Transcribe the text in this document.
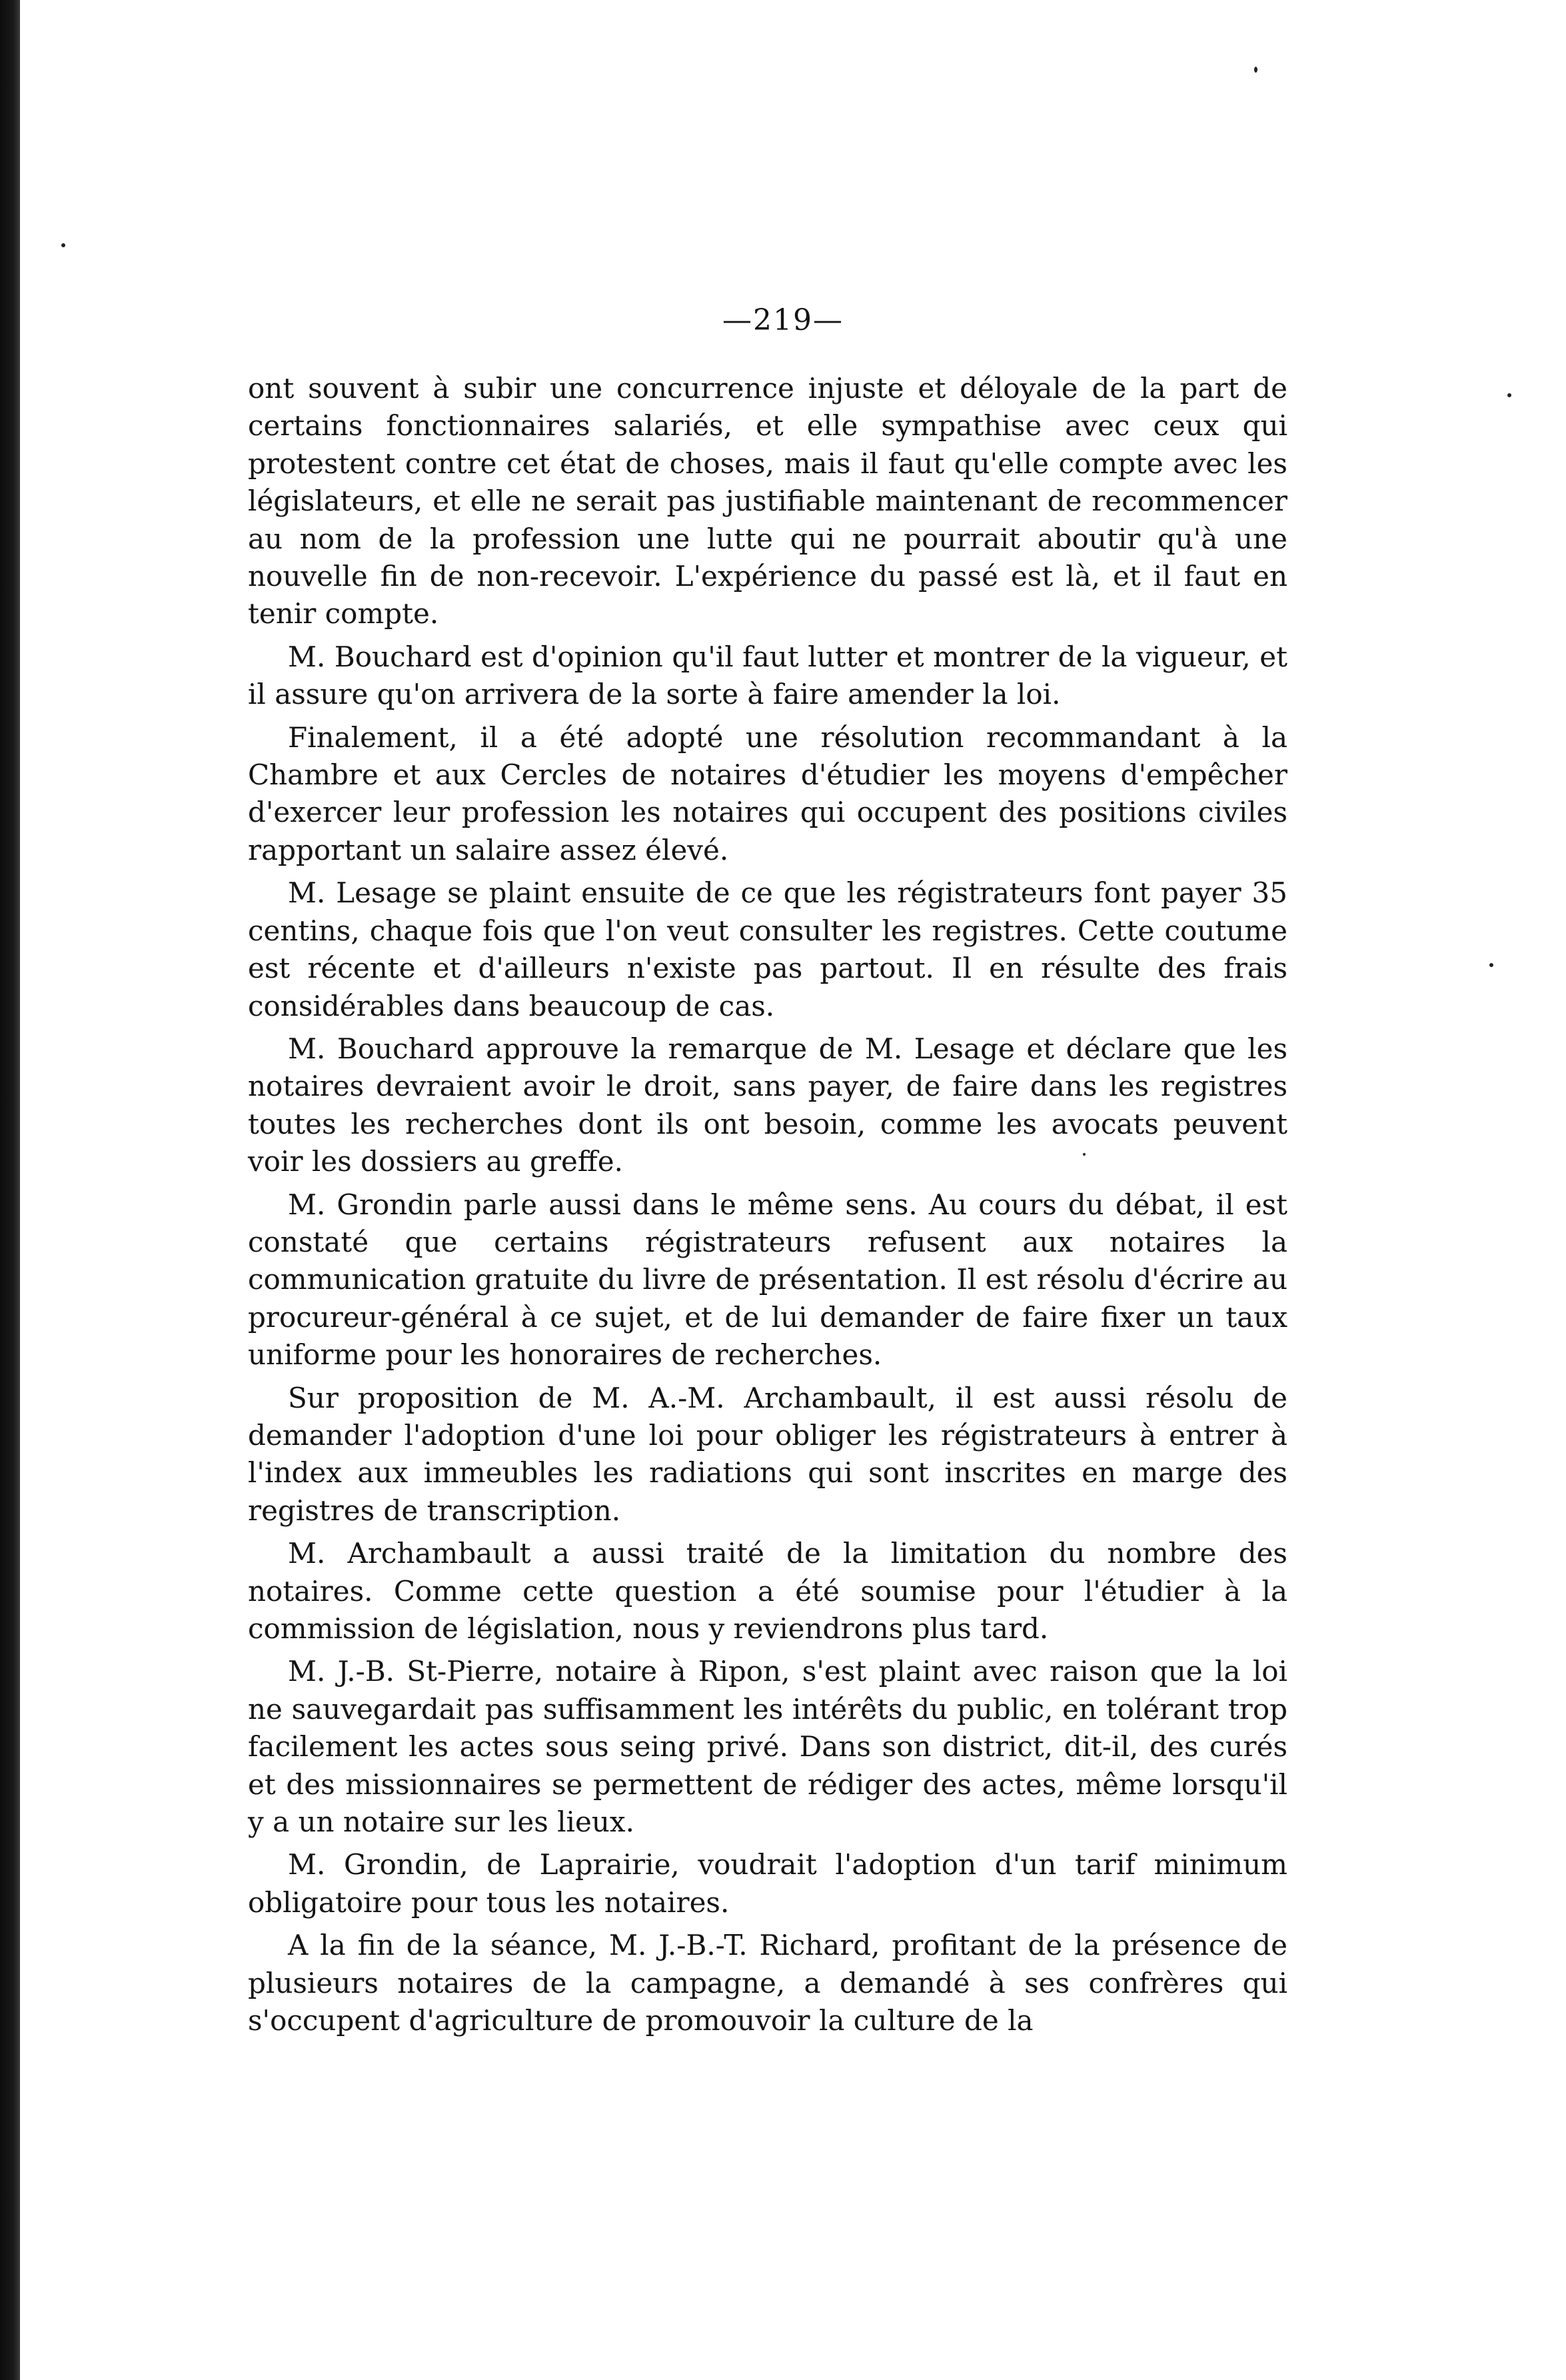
—219—

ont souvent à subir une concurrence injuste et déloyale de la part de certains fonctionnaires salariés, et elle sympathise avec ceux qui protestent contre cet état de choses, mais il faut qu'elle compte avec les législateurs, et elle ne serait pas justifiable maintenant de recommencer au nom de la profession une lutte qui ne pourrait aboutir qu'à une nouvelle fin de non-recevoir. L'expérience du passé est là, et il faut en tenir compte.

M. Bouchard est d'opinion qu'il faut lutter et montrer de la vigueur, et il assure qu'on arrivera de la sorte à faire amender la loi.

Finalement, il a été adopté une résolution recommandant à la Chambre et aux Cercles de notaires d'étudier les moyens d'empêcher d'exercer leur profession les notaires qui occupent des positions civiles rapportant un salaire assez élevé.

M. Lesage se plaint ensuite de ce que les régistrateurs font payer 35 centins, chaque fois que l'on veut consulter les registres. Cette coutume est récente et d'ailleurs n'existe pas partout. Il en résulte des frais considérables dans beaucoup de cas.

M. Bouchard approuve la remarque de M. Lesage et déclare que les notaires devraient avoir le droit, sans payer, de faire dans les registres toutes les recherches dont ils ont besoin, comme les avocats peuvent voir les dossiers au greffe.

M. Grondin parle aussi dans le même sens. Au cours du débat, il est constaté que certains régistrateurs refusent aux notaires la communication gratuite du livre de présentation. Il est résolu d'écrire au procureur-général à ce sujet, et de lui demander de faire fixer un taux uniforme pour les honoraires de recherches.

Sur proposition de M. A.-M. Archambault, il est aussi résolu de demander l'adoption d'une loi pour obliger les régistrateurs à entrer à l'index aux immeubles les radiations qui sont inscrites en marge des registres de transcription.

M. Archambault a aussi traité de la limitation du nombre des notaires. Comme cette question a été soumise pour l'étudier à la commission de législation, nous y reviendrons plus tard.

M. J.-B. St-Pierre, notaire à Ripon, s'est plaint avec raison que la loi ne sauvegardait pas suffisamment les intérêts du public, en tolérant trop facilement les actes sous seing privé. Dans son district, dit-il, des curés et des missionnaires se permettent de rédiger des actes, même lorsqu'il y a un notaire sur les lieux.

M. Grondin, de Laprairie, voudrait l'adoption d'un tarif minimum obligatoire pour tous les notaires.

A la fin de la séance, M. J.-B.-T. Richard, profitant de la présence de plusieurs notaires de la campagne, a demandé à ses confrères qui s'occupent d'agriculture de promouvoir la culture de la
